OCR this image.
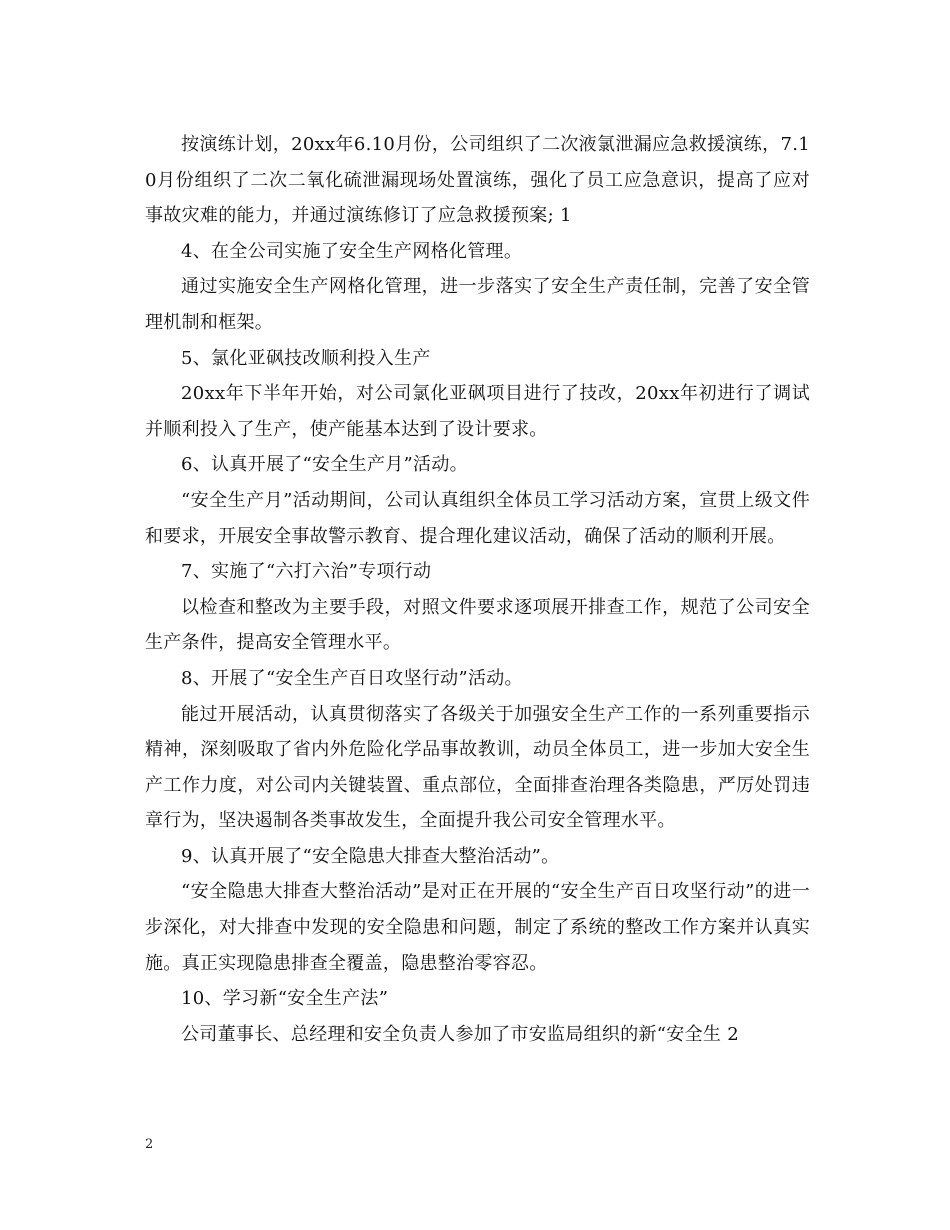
按演练计划，20xx年6.10月份，公司组织了二次液氯泄漏应急救援演练，7.10月份组织了二次二氧化硫泄漏现场处置演练，强化了员工应急意识，提高了应对事故灾难的能力，并通过演练修订了应急救援预案; 1

4、在全公司实施了安全生产网格化管理。

通过实施安全生产网格化管理，进一步落实了安全生产责任制，完善了安全管理机制和框架。

5、氯化亚砜技改顺利投入生产

20xx年下半年开始，对公司氯化亚砜项目进行了技改，20xx年初进行了调试并顺利投入了生产，使产能基本达到了设计要求。

6、认真开展了“安全生产月”活动。

“安全生产月”活动期间，公司认真组织全体员工学习活动方案，宣贯上级文件和要求，开展安全事故警示教育、提合理化建议活动，确保了活动的顺利开展。

7、实施了“六打六治”专项行动

以检查和整改为主要手段，对照文件要求逐项展开排查工作，规范了公司安全生产条件，提高安全管理水平。

8、开展了“安全生产百日攻坚行动”活动。

能过开展活动，认真贯彻落实了各级关于加强安全生产工作的一系列重要指示精神，深刻吸取了省内外危险化学品事故教训，动员全体员工，进一步加大安全生产工作力度，对公司内关键装置、重点部位，全面排查治理各类隐患，严厉处罚违章行为，坚决遏制各类事故发生，全面提升我公司安全管理水平。

9、认真开展了“安全隐患大排查大整治活动”。

“安全隐患大排查大整治活动”是对正在开展的“安全生产百日攻坚行动”的进一步深化，对大排查中发现的安全隐患和问题，制定了系统的整改工作方案并认真实施。真正实现隐患排查全覆盖，隐患整治零容忍。

10、学习新“安全生产法”

公司董事长、总经理和安全负责人参加了市安监局组织的新“安全生 2

2
